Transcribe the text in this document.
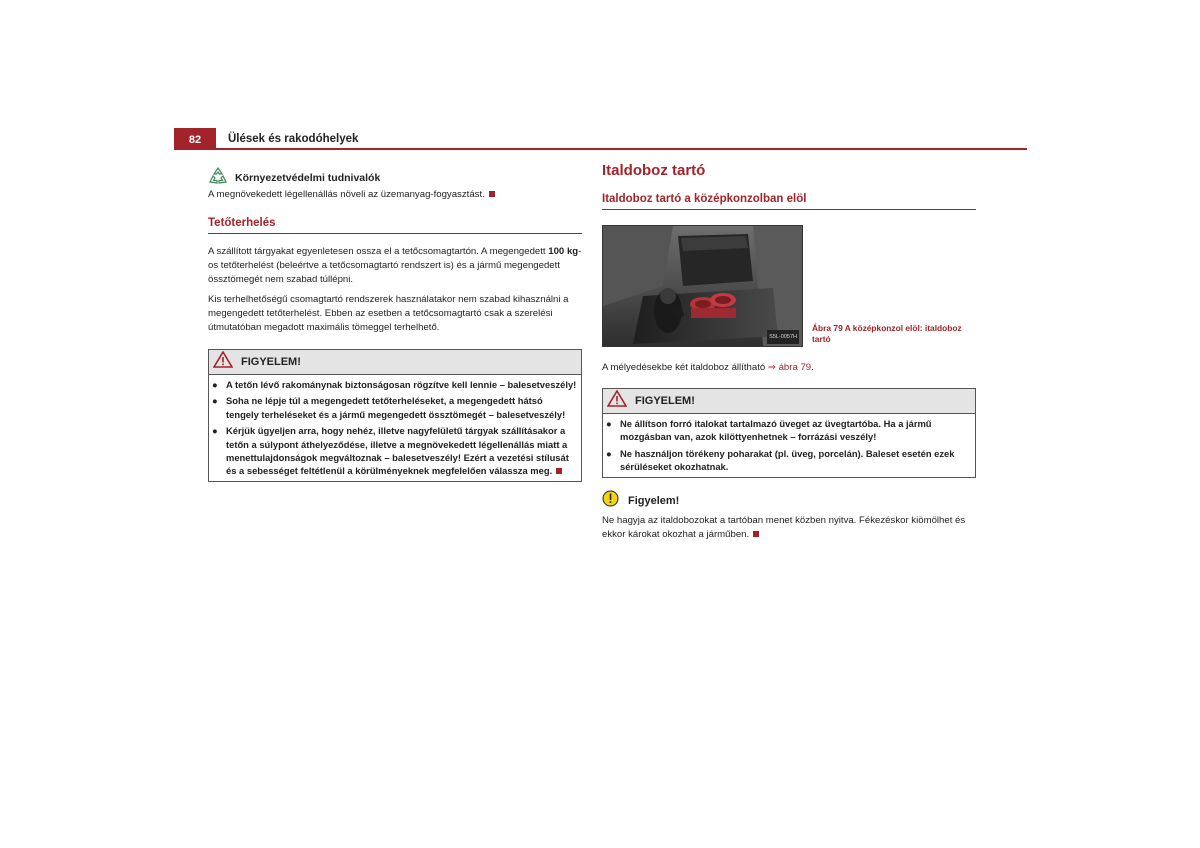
82	Ülések és rakodóhelyek
Környezetvédelmi tudnivalók

A megnövekedett légellenállás növeli az üzemanyag-fogyasztást.

Tetőterhelés

A szállított tárgyakat egyenletesen ossza el a tetőcsomagtartón. A megengedett 100 kg-os tetőterhelést (beleértve a tetőcsomagtartó rendszert is) és a jármű megengedett össztömegét nem szabad túllépni.

Kis terhelhetőségű csomagtartó rendszerek használatakor nem szabad kihasználni a megengedett tetőterhelést. Ebben az esetben a tetőcsomagtartó csak a szerelési útmutatóban megadott maximális tömeggel terhelhető.

FIGYELEM!
● A tetőn lévő rakománynak biztonságosan rögzítve kell lennie – balesetveszély!
● Soha ne lépje túl a megengedett tetőterheléseket, a megengedett hátsó tengely terheléseket és a jármű megengedett össztömegét – balesetveszély!
● Kérjük ügyeljen arra, hogy nehéz, illetve nagyfelületű tárgyak szállításakor a tetőn a súlypont áthelyeződése, illetve a megnövekedett légellenállás miatt a menettulajdonságok megváltoznak – balesetveszély! Ezért a vezetési stílusát és a sebességet feltétlenül a körülményeknek megfelelően válassza meg.
Italdoboz tartó
Italdoboz tartó a középkonzolban elöl
S5L-0057H
Ábra 79 A középkonzol elöl: italdoboz tartó

A mélyedésekbe két italdoboz állítható ⇒ ábra 79.

FIGYELEM!
● Ne állítson forró italokat tartalmazó üveget az üvegtartóba. Ha a jármű mozgásban van, azok kilöttyenhetnek – forrázási veszély!
● Ne használjon törékeny poharakat (pl. üveg, porcelán). Baleset esetén ezek sérüléseket okozhatnak.
Figyelem!

Ne hagyja az italdobozokat a tartóban menet közben nyitva. Fékezéskor kiömölhet és ekkor károkat okozhat a járműben.
